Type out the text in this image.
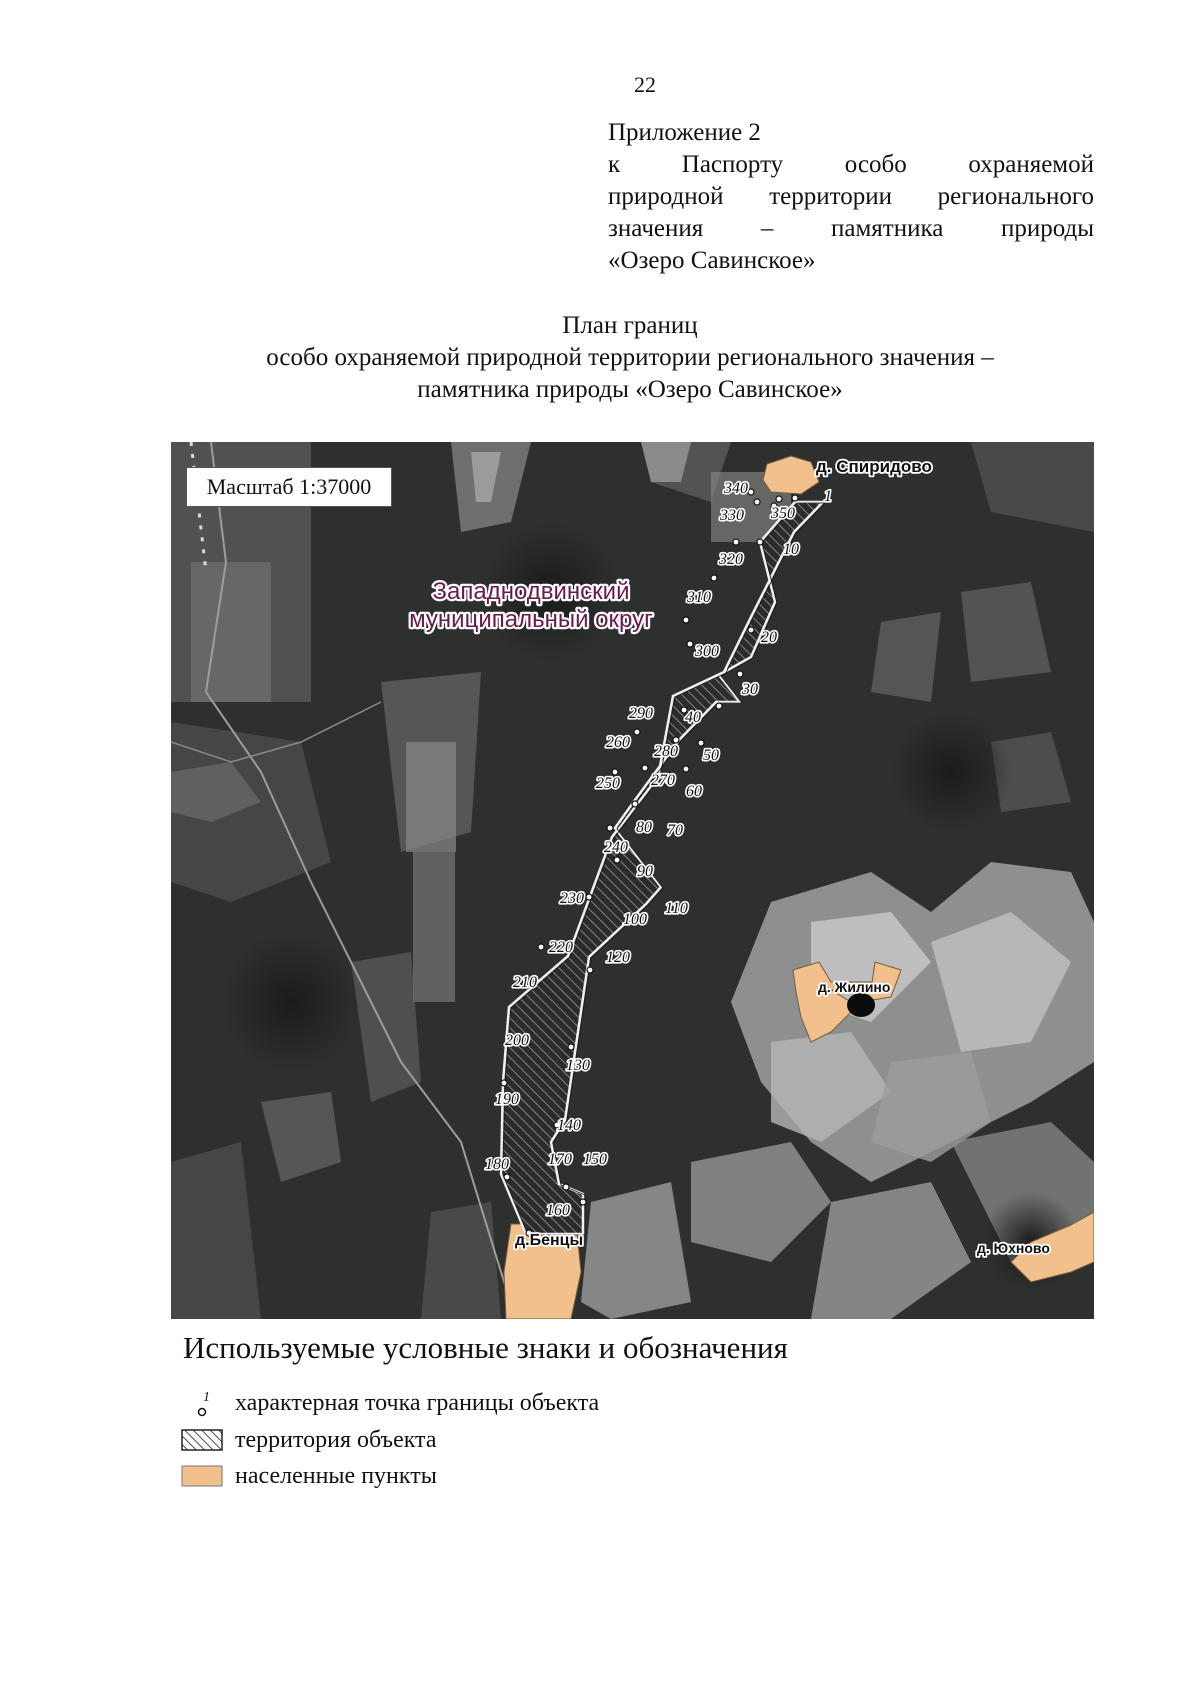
22
Приложение 2
к Паспорту особо охраняемой
природной территории регионального
значения – памятника природы
«Озеро Савинское»
План границ
особо охраняемой природной территории регионального значения –
памятника природы «Озеро Савинское»
1
10
20
30
40
50
60
70
80
90
100
110
120
130
140
150
160
170
180
190
200
210
220
230
240
250
260
270
280
290
300
310
320
330
340
350
д. Спиридово
д. Жилино
д.Бенцы	д. Юхново
Западнодвинский
муниципальный округ
Масштаб 1:37000
Используемые условные знаки и обозначения
1 характерная точка границы объекта
территория объекта
населенные пункты
